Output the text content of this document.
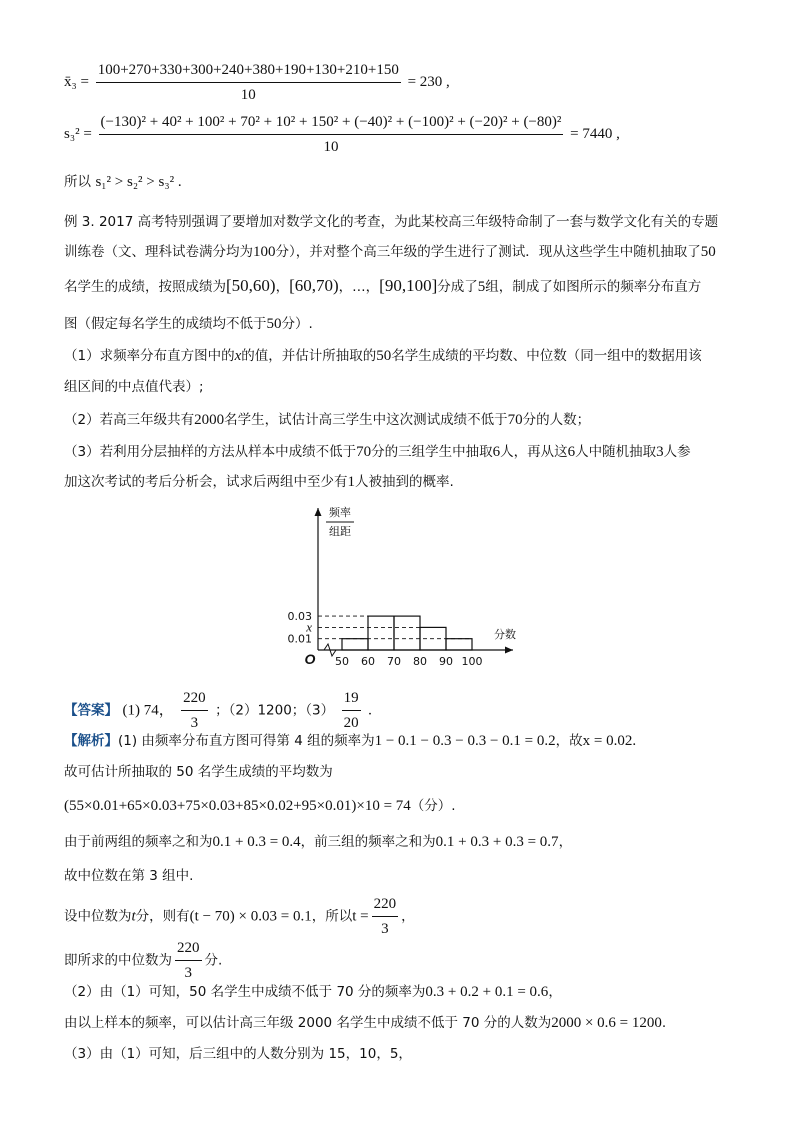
x̄₃ = $\frac{100+270+330+300+240+380+190+130+210+150}{10} = 230$ ,
s₃² =
(−130)² + 40² + 100² + 70² + 10² + 150² + (−40)² + (−100)² + (−20)² + (−80)²
10
= 7440 ,
所以 s₁² > s₂² > s₃² .
例 3. 2017 高考特别强调了要增加对数学文化的考查，为此某校高三年级特命制了一套与数学文化有关的专题
训练卷（文、理科试卷满分均为100分），并对整个高三年级的学生进行了测试．现从这些学生中随机抽取了50
名学生的成绩，按照成绩为[50,60)，[60,70)，…，[90,100]分成了5组，制成了如图所示的频率分布直方
图（假定每名学生的成绩均不低于50分）.
（1）求频率分布直方图中的x的值，并估计所抽取的50名学生成绩的平均数、中位数（同一组中的数据用该
组区间的中点值代表）;
（2）若高三年级共有2000名学生，试估计高三学生中这次测试成绩不低于70分的人数；
（3）若利用分层抽样的方法从样本中成绩不低于70分的三组学生中抽取6人，再从这6人中随机抽取3人参
加这次考试的考后分析会，试求后两组中至少有1人被抽到的概率.
频率
组距
0.03
x
0.01
50 60 70 80 90 100
分数
O
【答案】 (1) 74， $\frac{220}{3}$ ；（2）1200；$(3) \frac{19}{20}$ .
【解析】(1) 由频率分布直方图可得第 4 组的频率为1 − 0.1 − 0.3 − 0.3 − 0.1 = 0.2，故x = 0.02.
故可估计所抽取的 50 名学生成绩的平均数为
(55×0.01+65×0.03+75×0.03+85×0.02+95×0.01)×10 = 74（分）.
由于前两组的频率之和为0.1 + 0.3 = 0.4，前三组的频率之和为0.1 + 0.3 + 0.3 = 0.7，
故中位数在第 3 组中.
设中位数为t分，则有(t − 70) × 0.03 = 0.1，所以$t = \frac{220}{3}$ ，
即所求的中位数为 $\frac{220}{3}$ 分.
（2）由（1）可知，50 名学生中成绩不低于 70 分的频率为0.3 + 0.2 + 0.1 = 0.6，
由以上样本的频率，可以估计高三年级 2000 名学生中成绩不低于 70 分的人数为2000 × 0.6 = 1200.
（3）由（1）可知，后三组中的人数分别为 15，10，5，
